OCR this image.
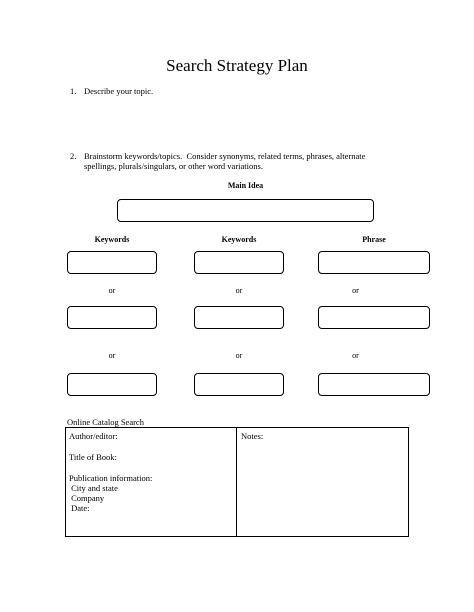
Search Strategy Plan
1. Describe your topic.
2. Brainstorm keywords/topics.  Consider synonyms, related terms, phrases, alternate
spellings, plurals/singulars, or other word variations.
Main Idea
Keywords	Keywords	Phrase
or	or	or
or	or	or
Online Catalog Search
Author/editor:
Title of Book:
Publication information:
City and state
Company
Date:
Notes:
